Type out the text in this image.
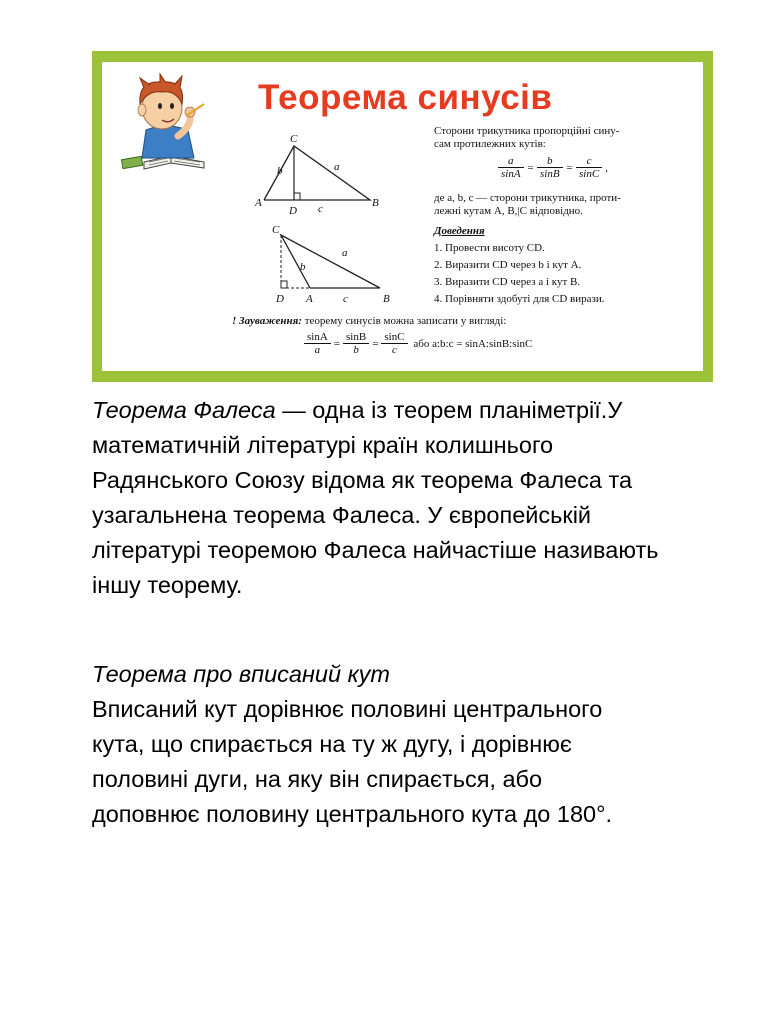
Теорема синусів
C
A	B
D
b	a
c
C
A	B
D
b
a
c
Сторони трикутника пропорційні сину-
сам протилежних кутів:
$\frac{a}{\sin A} = \frac{b}{\sin B} = \frac{c}{\sin C}$ ,
де a, b, c — сторони трикутника, проти-
лежні кутам A, B,|C відповідно.
Доведення
1. Провести висоту CD.
2. Виразити CD через b і кут A.
3. Виразити CD через a і кут B.
4. Порівняти здобуті для CD вирази.
! Зауваження: теорему синусів можна записати у вигляді:
$\frac{\sin A}{a} = \frac{\sin B}{b} = \frac{\sin C}{c}$ або a:b:c = sinA:sinB:sinC
Теорема Фалеса — одна із теорем планіметрії.У
математичній літературі країн колишнього
Радянського Союзу відома як теорема Фалеса та
узагальнена теорема Фалеса. У європейській
літературі теоремою Фалеса найчастіше називають
іншу теорему.
Теорема про вписаний кут
Вписаний кут дорівнює половині центрального
кута, що спирається на ту ж дугу, і дорівнює
половині дуги, на яку він спирається, або
доповнює половину центрального кута до 180°.
